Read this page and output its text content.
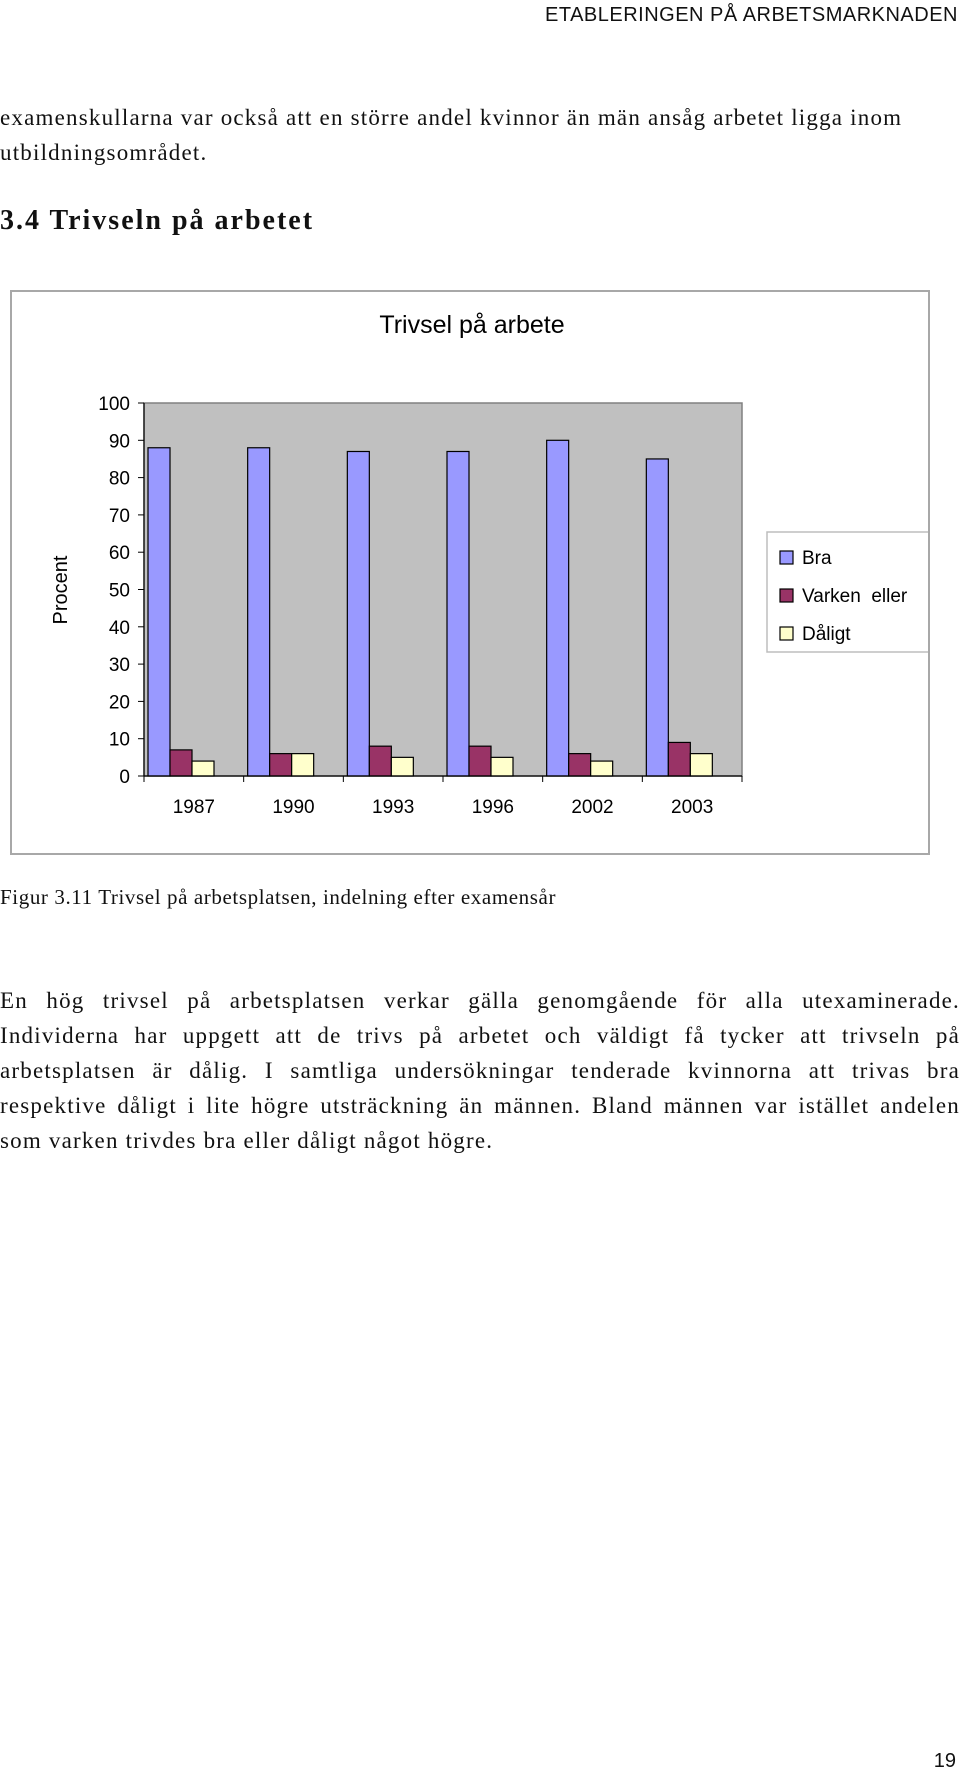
ETABLERINGEN PÅ ARBETSMARKNADEN

examenskullarna var också att en större andel kvinnor än män ansåg arbetet ligga inom utbildningsområdet.

3.4 Trivseln på arbetet
Trivsel på arbete
Procent
0
10
20
30
40
50
60
70
80
90
100
1987	1990	1993	1996	2002	2003
Bra
Varken  eller
Dåligt
Figur 3.11 Trivsel på arbetsplatsen, indelning efter examensår

En hög trivsel på arbetsplatsen verkar gälla genomgående för alla utexaminerade. Individerna har uppgett att de trivs på arbetet och väldigt få tycker att trivseln på arbetsplatsen är dålig. I samtliga undersökningar tenderade kvinnorna att trivas bra respektive dåligt i lite högre utsträckning än männen. Bland männen var istället andelen som varken trivdes bra eller dåligt något högre.

19
